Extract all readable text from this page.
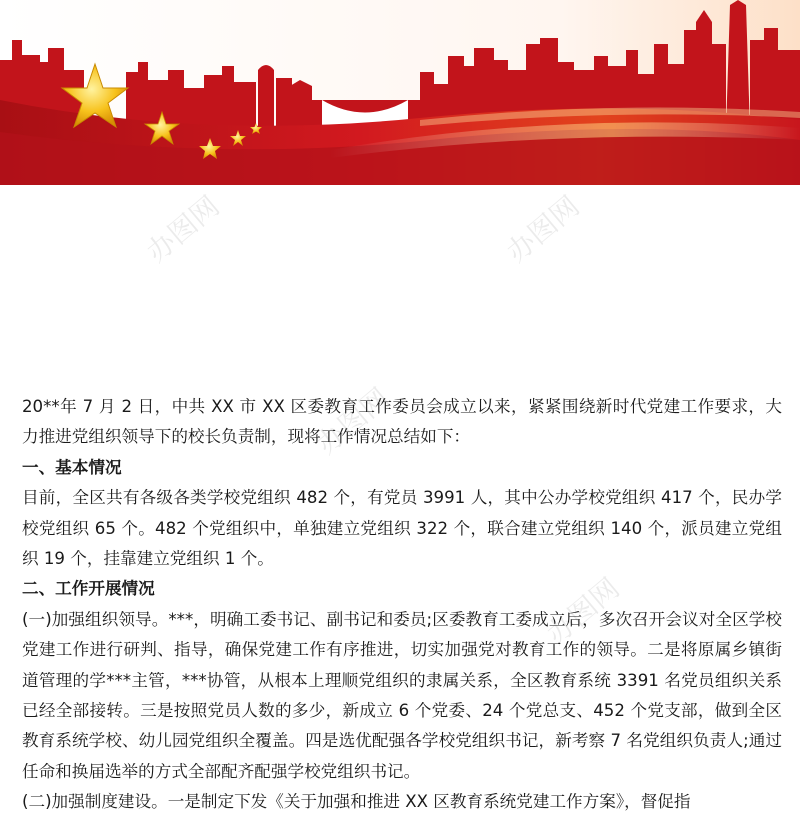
办图网	办图网
办图网
办图网

20**年 7 月 2 日，中共 XX 市 XX 区委教育工作委员会成立以来，紧紧围绕新时代党建工作要求，大力推进党组织领导下的校长负责制，现将工作情况总结如下：

一、基本情况

目前，全区共有各级各类学校党组织 482 个，有党员 3991 人，其中公办学校党组织 417 个，民办学校党组织 65 个。482 个党组织中，单独建立党组织 322 个，联合建立党组织 140 个，派员建立党组织 19 个，挂靠建立党组织 1 个。

二、工作开展情况

(一)加强组织领导。***，明确工委书记、副书记和委员;区委教育工委成立后，多次召开会议对全区学校党建工作进行研判、指导，确保党建工作有序推进，切实加强党对教育工作的领导。二是将原属乡镇街道管理的学***主管，***协管，从根本上理顺党组织的隶属关系，全区教育系统 3391 名党员组织关系已经全部接转。三是按照党员人数的多少，新成立 6 个党委、24 个党总支、452 个党支部，做到全区教育系统学校、幼儿园党组织全覆盖。四是选优配强各学校党组织书记，新考察 7 名党组织负责人;通过任命和换届选举的方式全部配齐配强学校党组织书记。

(二)加强制度建设。一是制定下发《关于加强和推进 XX 区教育系统党建工作方案》，督促指
